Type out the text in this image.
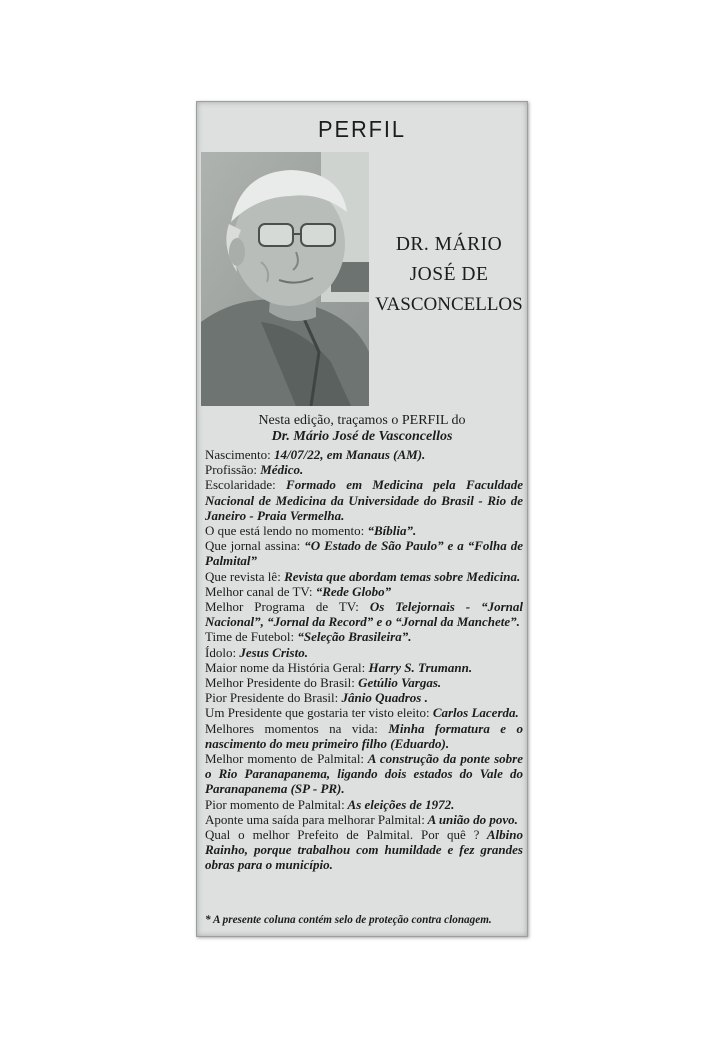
PERFIL
DR. MÁRIO
JOSÉ DE
VASCONCELLOS
Nesta edição, traçamos o PERFIL do
Dr. Mário José de Vasconcellos

Nascimento: 14/07/22, em Manaus (AM).

Profissão: Médico.

Escolaridade: Formado em Medicina pela Faculdade Nacional de Medicina da Universidade do Brasil - Rio de Janeiro - Praia Vermelha.

O que está lendo no momento: “Bíblia”.

Que jornal assina: “O Estado de São Paulo” e a “Folha de Palmital”

Que revista lê: Revista que abordam temas sobre Medicina.

Melhor canal de TV: “Rede Globo”

Melhor Programa de TV: Os Telejornais - “Jornal Nacional”, “Jornal da Record” e o “Jornal da Manchete”.

Time de Futebol: “Seleção Brasileira”.

Ídolo: Jesus Cristo.

Maior nome da História Geral: Harry S. Trumann.

Melhor Presidente do Brasil: Getúlio Vargas.

Pior Presidente do Brasil: Jânio Quadros .

Um Presidente que gostaria ter visto eleito: Carlos Lacerda.

Melhores momentos na vida: Minha formatura e o nascimento do meu primeiro filho (Eduardo).

Melhor momento de Palmital: A construção da ponte sobre o Rio Paranapanema, ligando dois estados do Vale do Paranapanema (SP - PR).

Pior momento de Palmital: As eleições de 1972.

Aponte uma saída para melhorar Palmital: A união do povo.

Qual o melhor Prefeito de Palmital. Por quê ? Albino Rainho, porque trabalhou com humildade e fez grandes obras para o município.

* A presente coluna contém selo de proteção contra clonagem.
